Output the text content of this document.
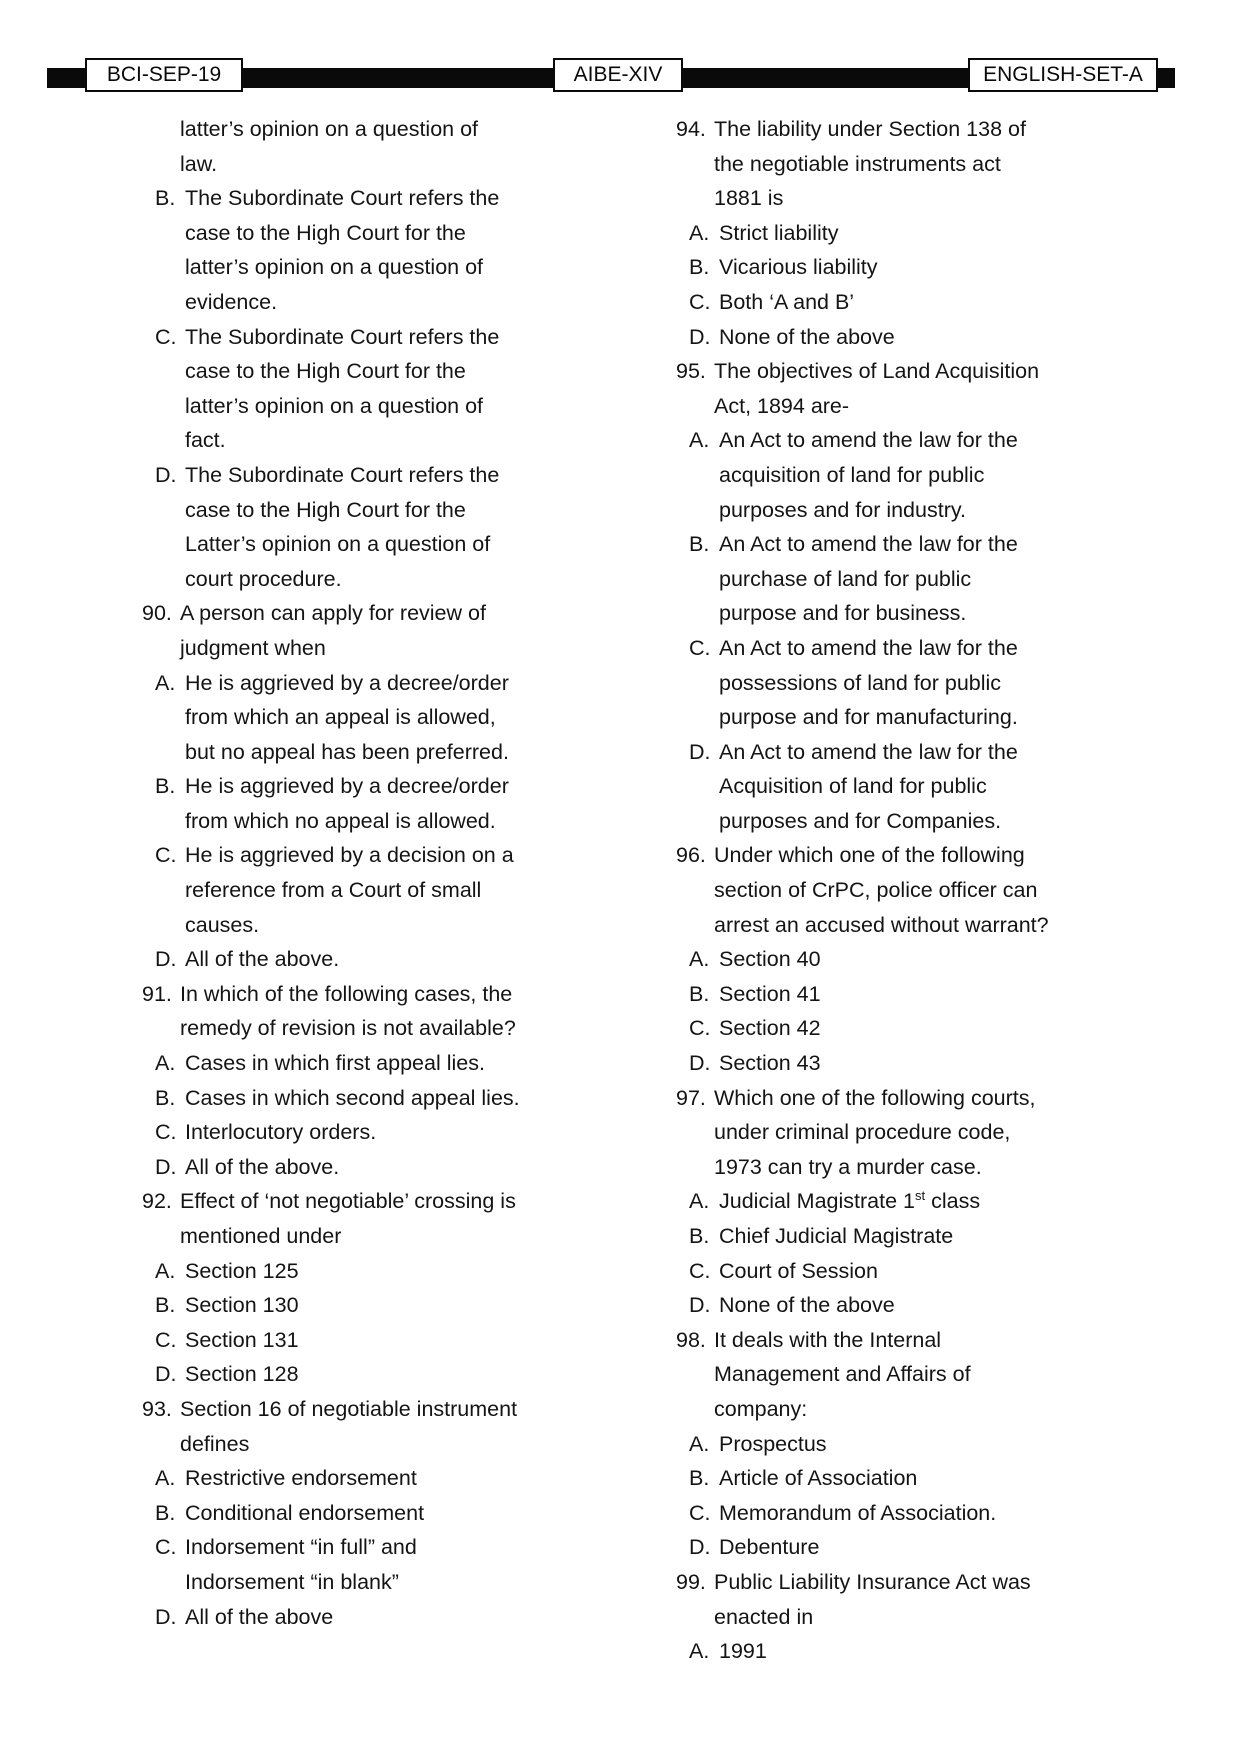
BCI-SEP-19	AIBE-XIV	ENGLISH-SET-A
latter’s opinion on a question of
law.
B. The Subordinate Court refers the
case to the High Court for the
latter’s opinion on a question of
evidence.
C. The Subordinate Court refers the
case to the High Court for the
latter’s opinion on a question of
fact.
D. The Subordinate Court refers the
case to the High Court for the
Latter’s opinion on a question of
court procedure.
90. A person can apply for review of
judgment when
A. He is aggrieved by a decree/order
from which an appeal is allowed,
but no appeal has been preferred.
B. He is aggrieved by a decree/order
from which no appeal is allowed.
C. He is aggrieved by a decision on a
reference from a Court of small
causes.
D. All of the above.
91. In which of the following cases, the
remedy of revision is not available?
A. Cases in which first appeal lies.
B. Cases in which second appeal lies.
C. Interlocutory orders.
D. All of the above.
92. Effect of ‘not negotiable’ crossing is
mentioned under
A. Section 125
B. Section 130
C. Section 131
D. Section 128
93. Section 16 of negotiable instrument
defines
A. Restrictive endorsement
B. Conditional endorsement
C. Indorsement “in full” and
Indorsement “in blank”
D. All of the above
94. The liability under Section 138 of
the negotiable instruments act
1881 is
A. Strict liability
B. Vicarious liability
C. Both ‘A and B’
D. None of the above
95. The objectives of Land Acquisition
Act, 1894 are-
A. An Act to amend the law for the
acquisition of land for public
purposes and for industry.
B. An Act to amend the law for the
purchase of land for public
purpose and for business.
C. An Act to amend the law for the
possessions of land for public
purpose and for manufacturing.
D. An Act to amend the law for the
Acquisition of land for public
purposes and for Companies.
96. Under which one of the following
section of CrPC, police officer can
arrest an accused without warrant?
A. Section 40
B. Section 41
C. Section 42
D. Section 43
97. Which one of the following courts,
under criminal procedure code,
1973 can try a murder case.
A. Judicial Magistrate 1st class
B. Chief Judicial Magistrate
C. Court of Session
D. None of the above
98. It deals with the Internal
Management and Affairs of
company:
A. Prospectus
B. Article of Association
C. Memorandum of Association.
D. Debenture
99. Public Liability Insurance Act was
enacted in
A. 1991
